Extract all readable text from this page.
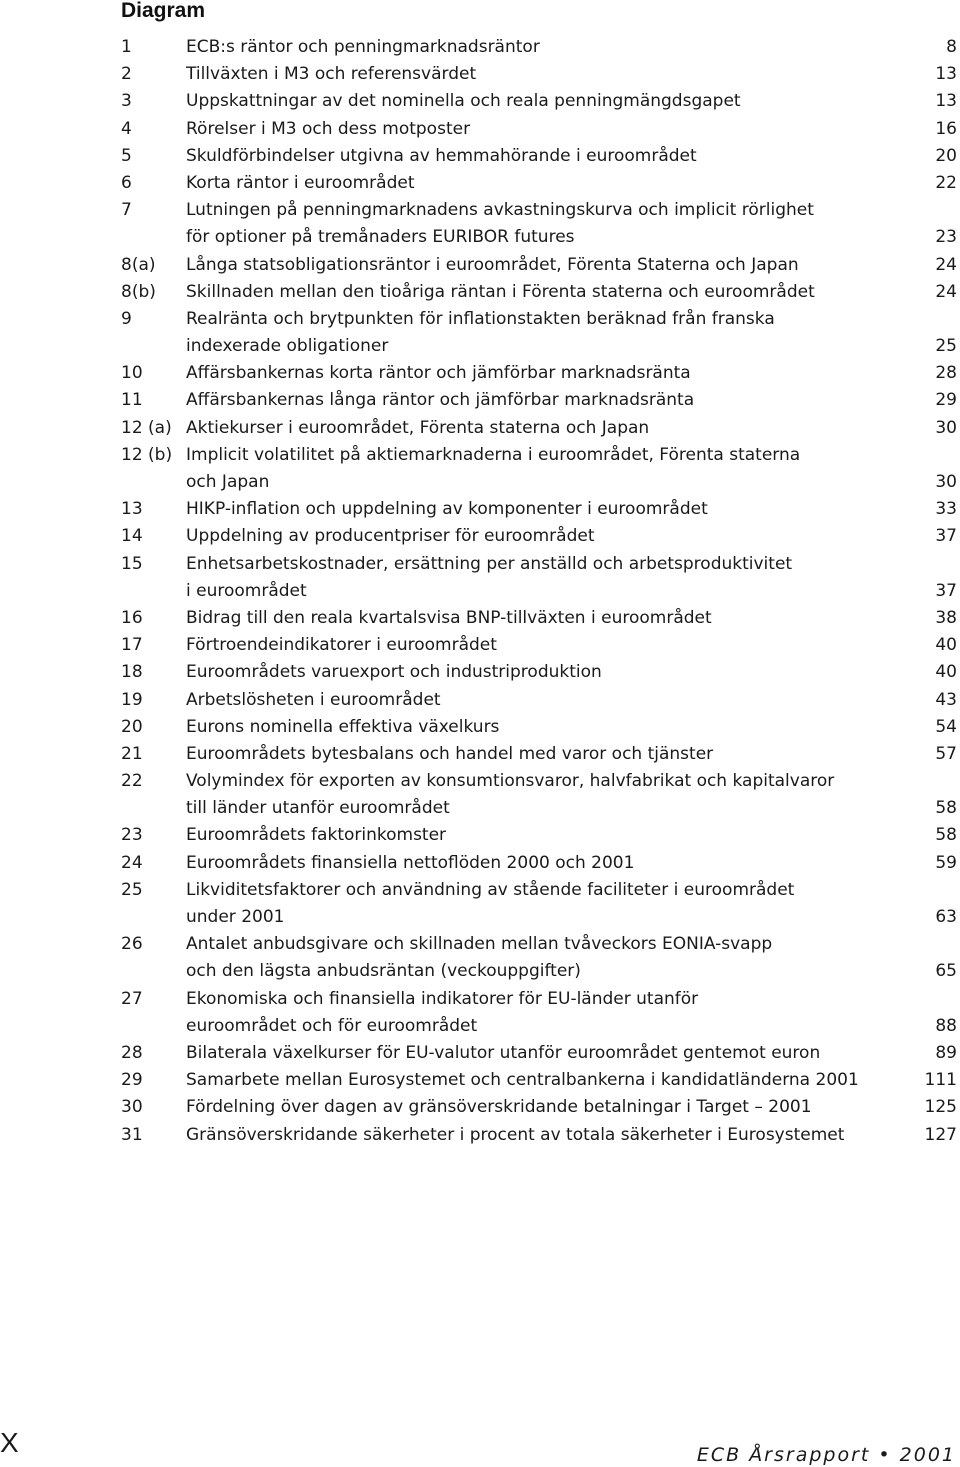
Diagram
1	ECB:s räntor och penningmarknadsräntor	8
2	Tillväxten i M3 och referensvärdet	13
3	Uppskattningar av det nominella och reala penningmängdsgapet	13
4	Rörelser i M3 och dess motposter	16
5	Skuldförbindelser utgivna av hemmahörande i euroområdet	20
6	Korta räntor i euroområdet	22
7	Lutningen på penningmarknadens avkastningskurva och implicit rörlighet
för optioner på tremånaders EURIBOR futures	23
8(a)	Långa statsobligationsräntor i euroområdet, Förenta Staterna och Japan	24
8(b)	Skillnaden mellan den tioåriga räntan i Förenta staterna och euroområdet	24
9	Realränta och brytpunkten för inflationstakten beräknad från franska
indexerade obligationer	25
10	Affärsbankernas korta räntor och jämförbar marknadsränta	28
11	Affärsbankernas långa räntor och jämförbar marknadsränta	29
12 (a) Aktiekurser i euroområdet, Förenta staterna och Japan	30
12 (b) Implicit volatilitet på aktiemarknaderna i euroområdet, Förenta staterna
och Japan	30
13	HIKP-inflation och uppdelning av komponenter i euroområdet	33
14	Uppdelning av producentpriser för euroområdet	37
15	Enhetsarbetskostnader, ersättning per anställd och arbetsproduktivitet
i euroområdet	37
16	Bidrag till den reala kvartalsvisa BNP-tillväxten i euroområdet	38
17	Förtroendeindikatorer i euroområdet	40
18	Euroområdets varuexport och industriproduktion	40
19	Arbetslösheten i euroområdet	43
20	Eurons nominella effektiva växelkurs	54
21	Euroområdets bytesbalans och handel med varor och tjänster	57
22	Volymindex för exporten av konsumtionsvaror, halvfabrikat och kapitalvaror
till länder utanför euroområdet	58
23	Euroområdets faktorinkomster	58
24	Euroområdets finansiella nettoflöden 2000 och 2001	59
25	Likviditetsfaktorer och användning av stående faciliteter i euroområdet
under 2001	63
26	Antalet anbudsgivare och skillnaden mellan tvåveckors EONIA-svapp
och den lägsta anbudsräntan (veckouppgifter)	65
27	Ekonomiska och finansiella indikatorer för EU-länder utanför
euroområdet och för euroområdet	88
28	Bilaterala växelkurser för EU-valutor utanför euroområdet gentemot euron	89
29	Samarbete mellan Eurosystemet och centralbankerna i kandidatländerna 2001	111
30	Fördelning över dagen av gränsöverskridande betalningar i Target – 2001	125
31	Gränsöverskridande säkerheter i procent av totala säkerheter i Eurosystemet	127
X	ECB Årsrapport • 2001
